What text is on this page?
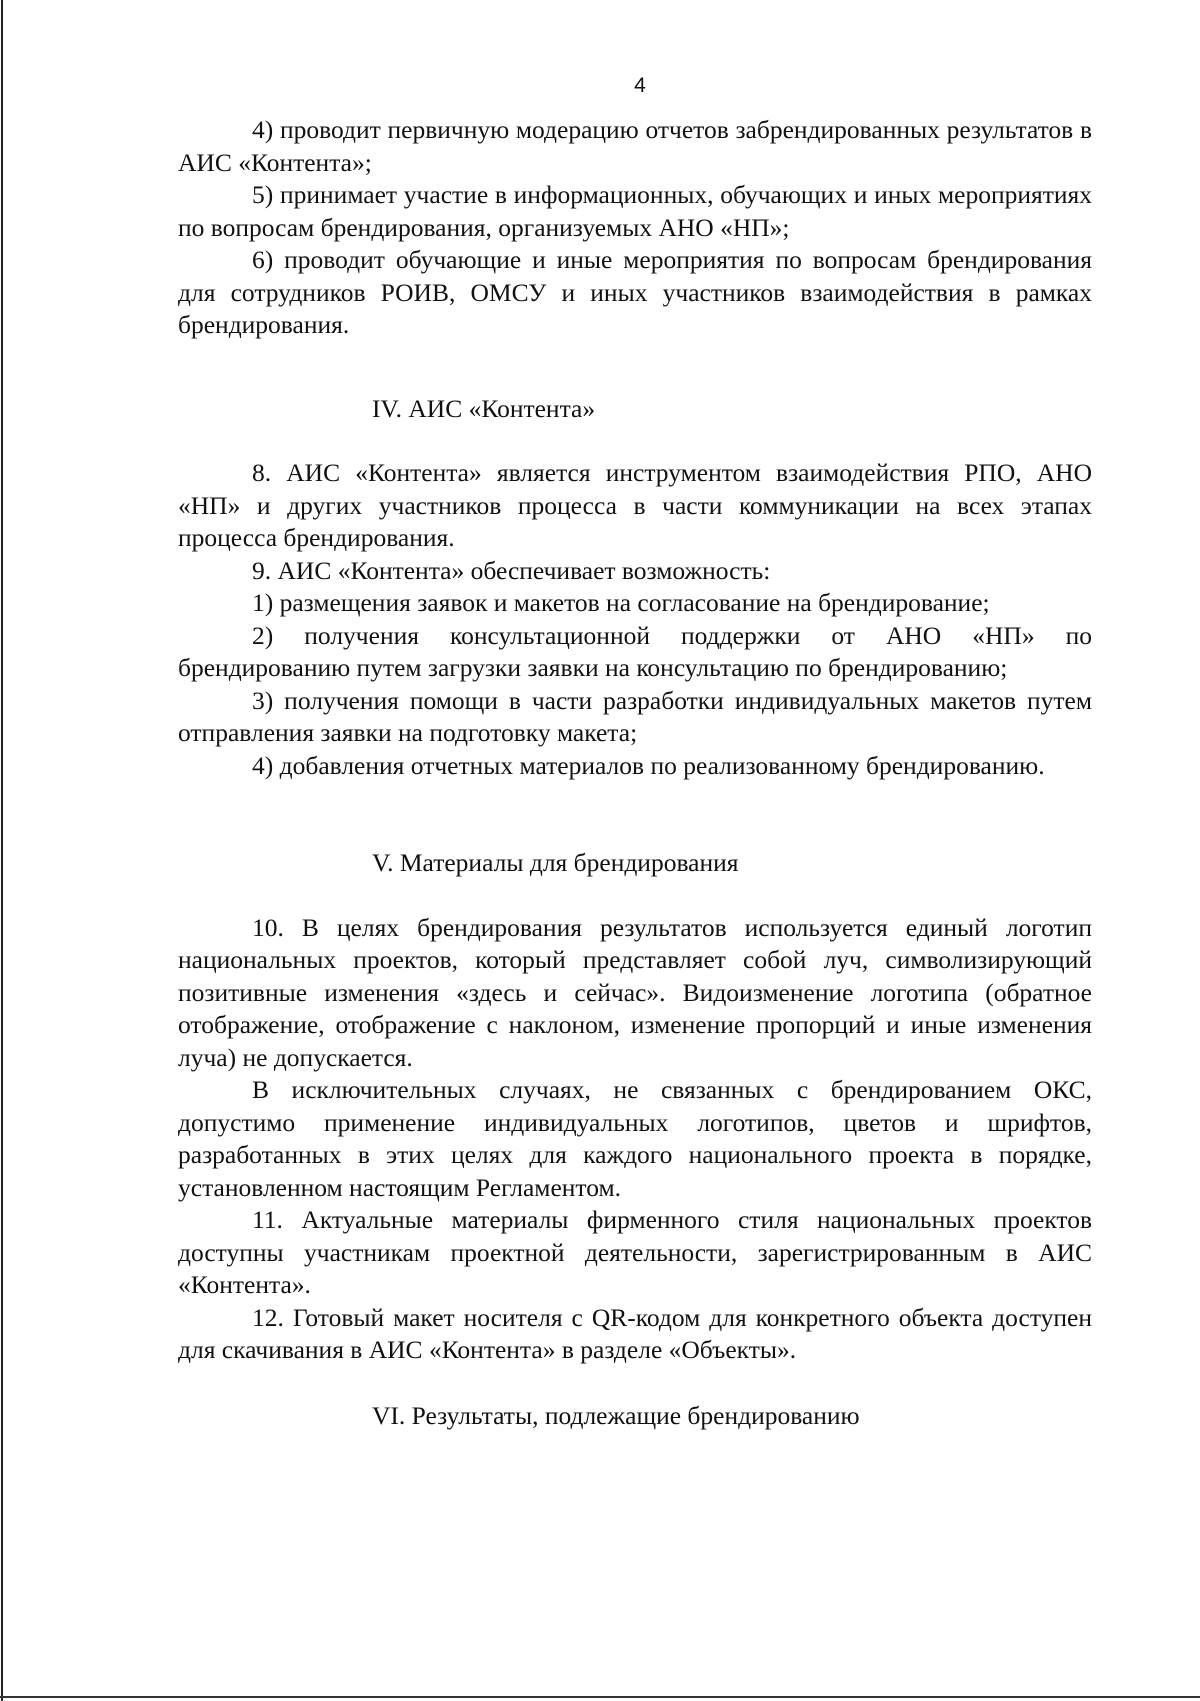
4

4) проводит первичную модерацию отчетов забрендированных результатов в АИС «Контента»;

5) принимает участие в информационных, обучающих и иных мероприятиях по вопросам брендирования, организуемых АНО «НП»;

6) проводит обучающие и иные мероприятия по вопросам брендирования для сотрудников РОИВ, ОМСУ и иных участников взаимодействия в рамках брендирования.

IV. АИС «Контента»

8. АИС «Контента» является инструментом взаимодействия РПО, АНО «НП» и других участников процесса в части коммуникации на всех этапах процесса брендирования.

9. АИС «Контента» обеспечивает возможность:

1) размещения заявок и макетов на согласование на брендирование;

2) получения консультационной поддержки от АНО «НП» по брендированию путем загрузки заявки на консультацию по брендированию;

3) получения помощи в части разработки индивидуальных макетов путем отправления заявки на подготовку макета;

4) добавления отчетных материалов по реализованному брендированию.

V. Материалы для брендирования

10. В целях брендирования результатов используется единый логотип национальных проектов, который представляет собой луч, символизирующий позитивные изменения «здесь и сейчас». Видоизменение логотипа (обратное отображение, отображение с наклоном, изменение пропорций и иные изменения луча) не допускается.

В исключительных случаях, не связанных с брендированием ОКС, допустимо применение индивидуальных логотипов, цветов и шрифтов, разработанных в этих целях для каждого национального проекта в порядке, установленном настоящим Регламентом.

11. Актуальные материалы фирменного стиля национальных проектов доступны участникам проектной деятельности, зарегистрированным в АИС «Контента».

12. Готовый макет носителя с QR-кодом для конкретного объекта доступен для скачивания в АИС «Контента» в разделе «Объекты».

VI. Результаты, подлежащие брендированию
